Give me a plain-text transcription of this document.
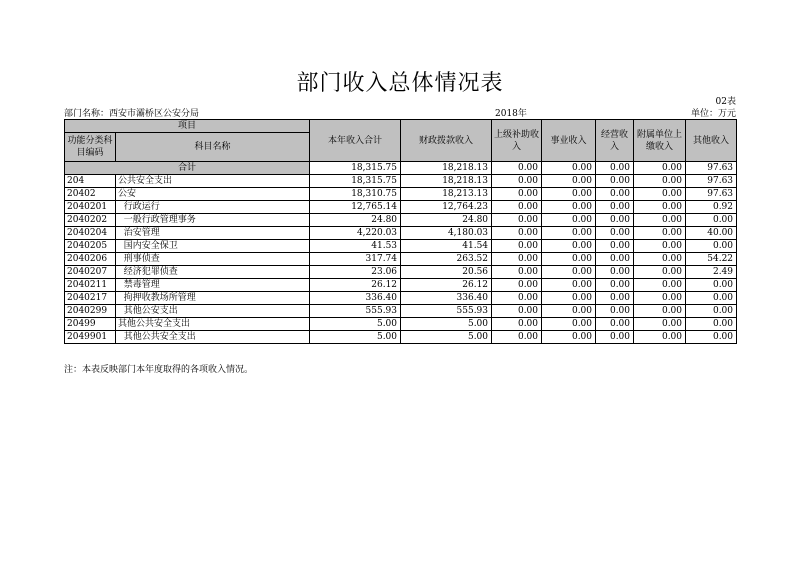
部门收入总体情况表
02表
部门名称：西安市灞桥区公安分局	2018年	单位：万元
项目		本年收入合计	财政拨款收入	上级补助收入	事业收入	经营收入	附属单位上缴收入	其他收入
功能分类科目编码	科目名称							
合计		18,315.75	18,218.13	0.00	0.00	0.00	0.00	97.63
204	公共安全支出	18,315.75	18,218.13	0.00	0.00	0.00	0.00	97.63
20402	公安	18,310.75	18,213.13	0.00	0.00	0.00	0.00	97.63
2040201	行政运行	12,765.14	12,764.23	0.00	0.00	0.00	0.00	0.92
2040202	一般行政管理事务	24.80	24.80	0.00	0.00	0.00	0.00	0.00
2040204	治安管理	4,220.03	4,180.03	0.00	0.00	0.00	0.00	40.00
2040205	国内安全保卫	41.53	41.54	0.00	0.00	0.00	0.00	0.00
2040206	刑事侦查	317.74	263.52	0.00	0.00	0.00	0.00	54.22
2040207	经济犯罪侦查	23.06	20.56	0.00	0.00	0.00	0.00	2.49
2040211	禁毒管理	26.12	26.12	0.00	0.00	0.00	0.00	0.00
2040217	拘押收教场所管理	336.40	336.40	0.00	0.00	0.00	0.00	0.00
2040299	其他公安支出	555.93	555.93	0.00	0.00	0.00	0.00	0.00
20499	其他公共安全支出	5.00	5.00	0.00	0.00	0.00	0.00	0.00
2049901	其他公共安全支出	5.00	5.00	0.00	0.00	0.00	0.00	0.00
注：本表反映部门本年度取得的各项收入情况。
